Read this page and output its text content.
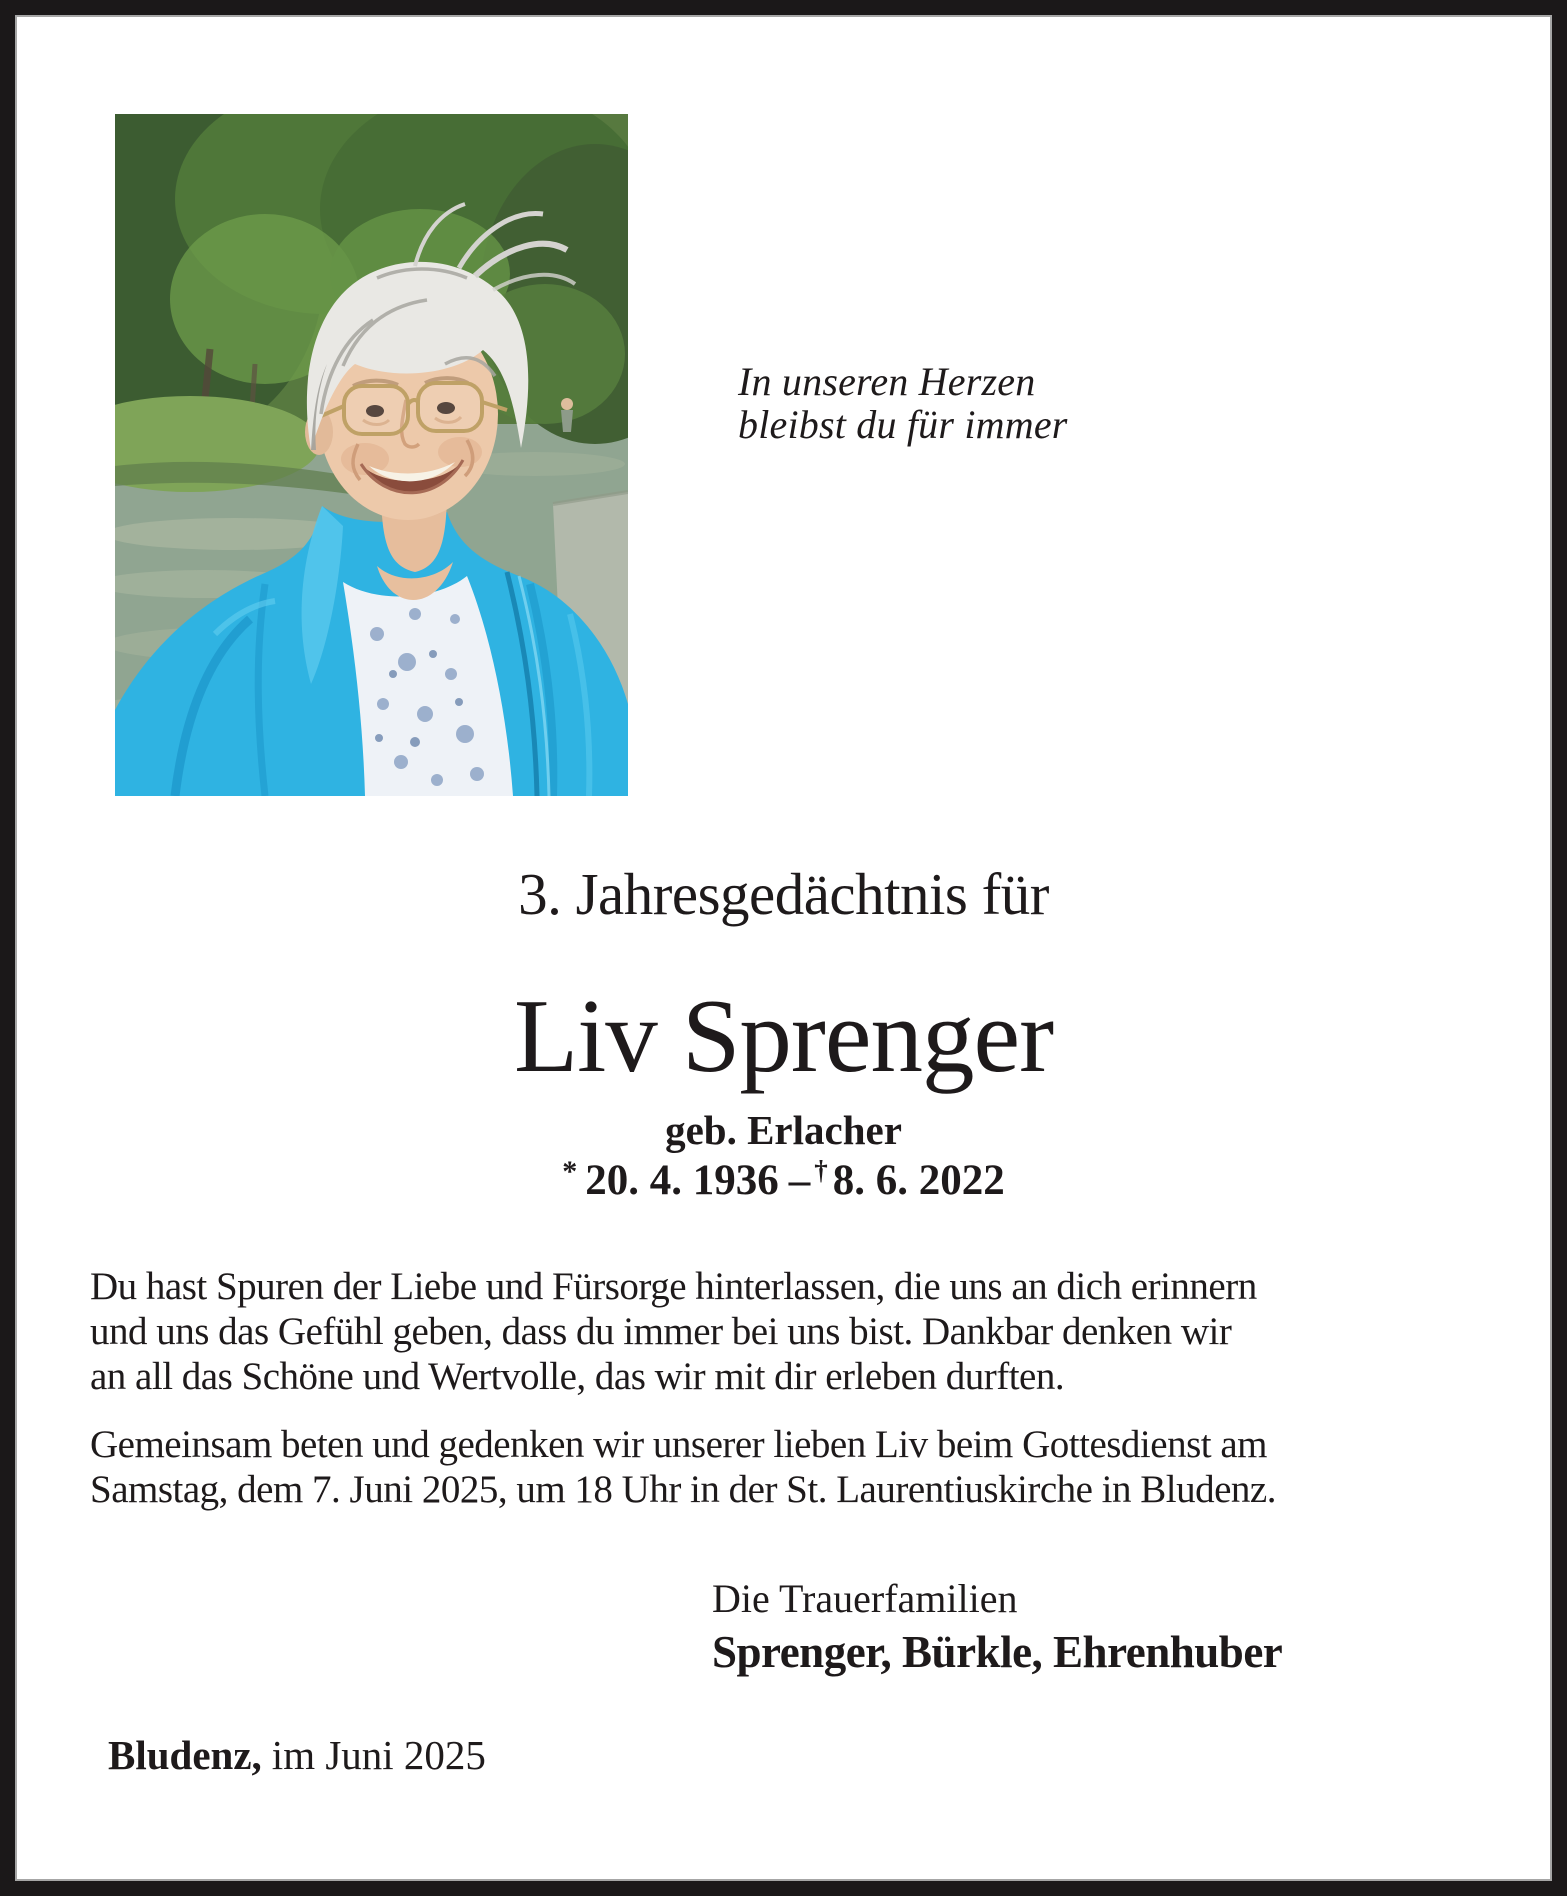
In unseren Herzen
bleibst du für immer
3. Jahresgedächtnis für
Liv Sprenger
geb. Erlacher
* 20. 4. 1936 – † 8. 6. 2022
Du hast Spuren der Liebe und Fürsorge hinterlassen, die uns an dich erinnern
und uns das Gefühl geben, dass du immer bei uns bist. Dankbar denken wir
an all das Schöne und Wertvolle, das wir mit dir erleben durften.
Gemeinsam beten und gedenken wir unserer lieben Liv beim Gottesdienst am
Samstag, dem 7. Juni 2025, um 18 Uhr in der St. Laurentiuskirche in Bludenz.
Die Trauerfamilien
Sprenger, Bürkle, Ehrenhuber
Bludenz, im Juni 2025
